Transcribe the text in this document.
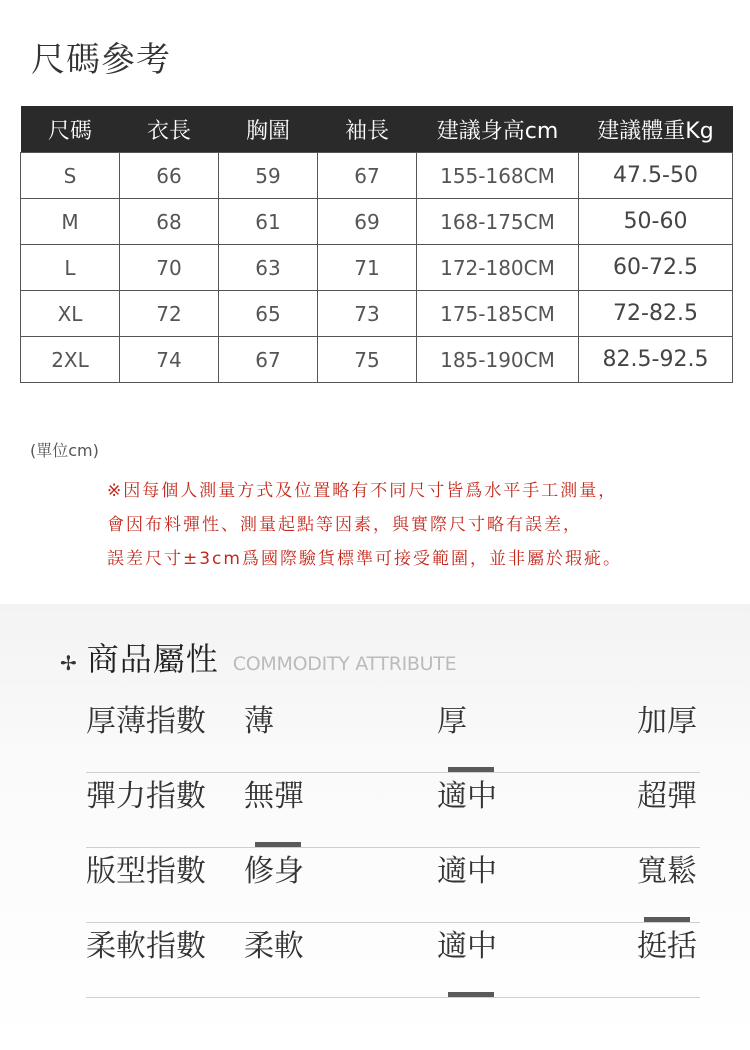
尺碼參考
尺碼	衣長	胸圍	袖長	建議身高cm	建議體重Kg
S	66	59	67	155-168CM	47.5-50
M	68	61	69	168-175CM	50-60
L	70	63	71	172-180CM	60-72.5
XL	72	65	73	175-185CM	72-82.5
2XL	74	67	75	185-190CM	82.5-92.5
(單位cm)
※因每個人測量方式及位置略有不同尺寸皆爲水平手工測量，
會因布料彈性、測量起點等因素，與實際尺寸略有誤差，
誤差尺寸±3cm爲國際驗貨標準可接受範圍，並非屬於瑕疵。
✢ 商品屬性 COMMODITY ATTRIBUTE
厚薄指數 薄	厚	加厚
彈力指數 無彈	適中	超彈
版型指數 修身	適中	寬鬆
柔軟指數 柔軟	適中	挺括
